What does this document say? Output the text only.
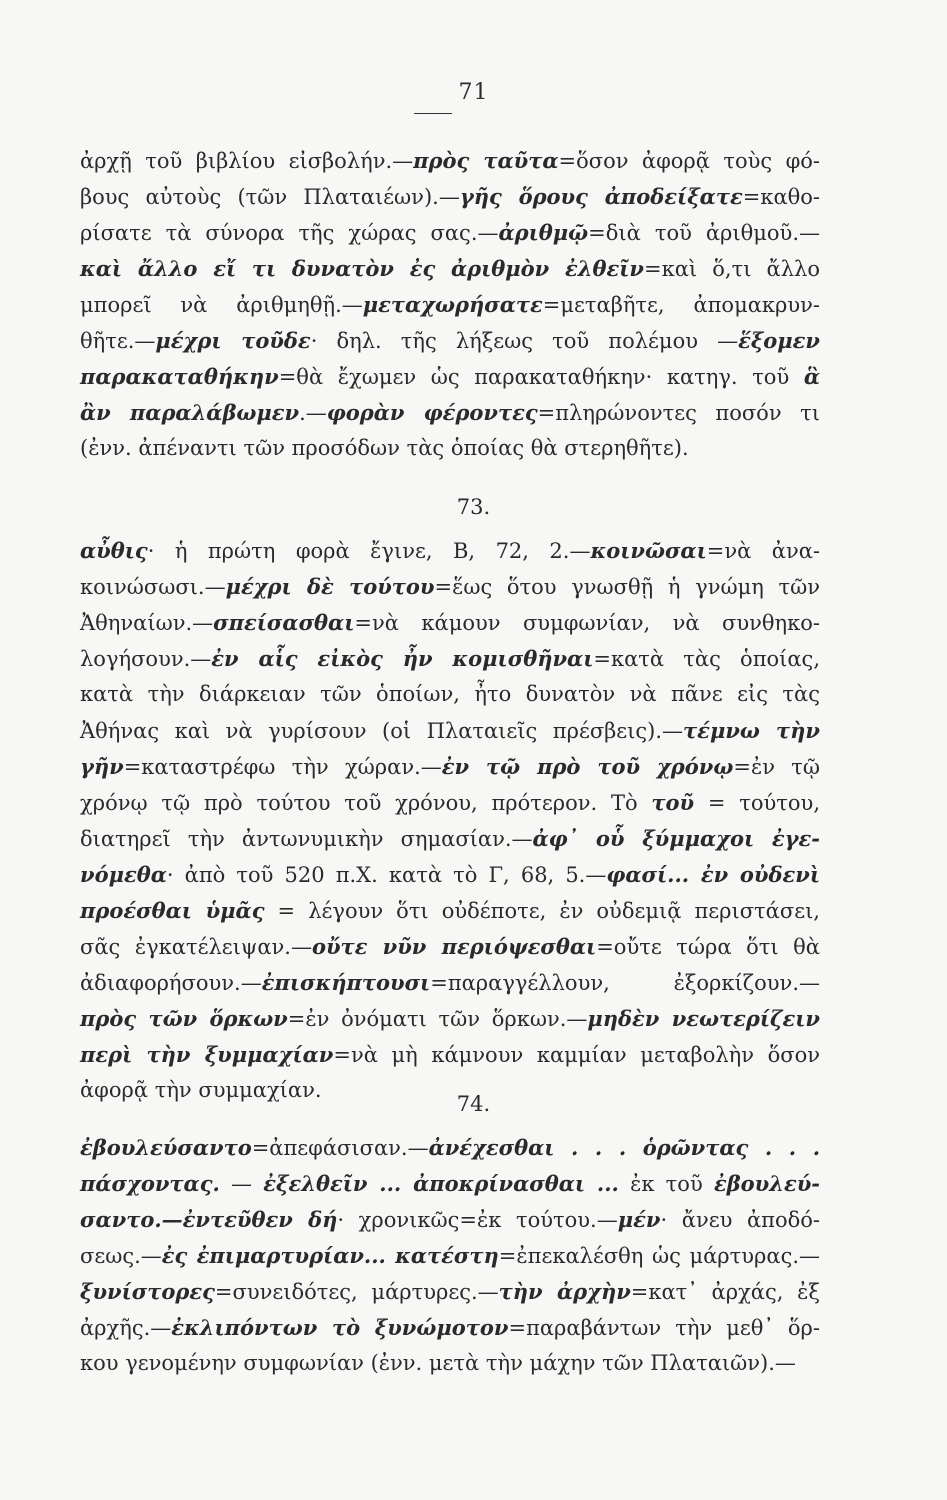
71
ἀρχῇ τοῦ βιβλίου εἰσβολήν.—πρὸς ταῦτα=ὅσον ἀφορᾷ τοὺς φό-
βους αὐτοὺς (τῶν Πλαταιέων).—γῆς ὅρους ἀποδείξατε=καθο-
ρίσατε τὰ σύνορα τῆς χώρας σας.—ἀριθμῷ=διὰ τοῦ ἀριθμοῦ.—
καὶ ἄλλο εἴ τι δυνατὸν ἐς ἀριθμὸν ἐλθεῖν=καὶ ὅ,τι ἄλλο
μπορεῖ νὰ ἀριθμηθῇ.—μεταχωρήσατε=μεταβῆτε, ἀπομακρυν-
θῆτε.—μέχρι τοῦδε· δηλ. τῆς λήξεως τοῦ πολέμου —ἕξομεν
παρακαταθήκην=θὰ ἔχωμεν ὡς παρακαταθήκην· κατηγ. τοῦ ἃ
ἂν παραλάβωμεν.—φορὰν φέροντες=πληρώνοντες ποσόν τι
(ἐνν. ἀπέναντι τῶν προσόδων τὰς ὁποίας θὰ στερηθῆτε).
73.
αὖθις· ἡ πρώτη φορὰ ἔγινε, Β, 72, 2.—κοινῶσαι=νὰ ἀνα-
κοινώσωσι.—μέχρι δὲ τούτου=ἕως ὅτου γνωσθῇ ἡ γνώμη τῶν
Ἀθηναίων.—σπείσασθαι=νὰ κάμουν συμφωνίαν, νὰ συνθηκο-
λογήσουν.—ἐν αἷς εἰκὸς ἦν κομισθῆναι=κατὰ τὰς ὁποίας,
κατὰ τὴν διάρκειαν τῶν ὁποίων, ἦτο δυνατὸν νὰ πᾶνε εἰς τὰς
Ἀθήνας καὶ νὰ γυρίσουν (οἱ Πλαταιεῖς πρέσβεις).—τέμνω τὴν
γῆν=καταστρέφω τὴν χώραν.—ἐν τῷ πρὸ τοῦ χρόνῳ=ἐν τῷ
χρόνῳ τῷ πρὸ τούτου τοῦ χρόνου, πρότερον. Τὸ τοῦ = τούτου,
διατηρεῖ τὴν ἀντωνυμικὴν σημασίαν.—ἀφ᾽ οὗ ξύμμαχοι ἐγε-
νόμεθα· ἀπὸ τοῦ 520 π.Χ. κατὰ τὸ Γ, 68, 5.—φασί... ἐν οὐδενὶ
προέσθαι ὑμᾶς = λέγουν ὅτι οὐδέποτε, ἐν οὐδεμιᾷ περιστάσει,
σᾶς ἐγκατέλειψαν.—οὔτε νῦν περιόψεσθαι=οὔτε τώρα ὅτι θὰ
ἀδιαφορήσουν.—ἐπισκήπτουσι=παραγγέλλουν, ἐξορκίζουν.—
πρὸς τῶν ὅρκων=ἐν ὀνόματι τῶν ὅρκων.—μηδὲν νεωτερίζειν
περὶ τὴν ξυμμαχίαν=νὰ μὴ κάμνουν καμμίαν μεταβολὴν ὅσον
ἀφορᾷ τὴν συμμαχίαν.
74.
ἐβουλεύσαντο=ἀπεφάσισαν.—ἀνέχεσθαι . . . ὁρῶντας . . .
πάσχοντας. — ἐξελθεῖν ... ἀποκρίνασθαι ... ἐκ τοῦ ἐβουλεύ-
σαντο.—ἐντεῦθεν δή· χρονικῶς=ἐκ τούτου.—μέν· ἄνευ ἀποδό-
σεως.—ἐς ἐπιμαρτυρίαν... κατέστη=ἐπεκαλέσθη ὡς μάρτυρας.—
ξυνίστορες=συνειδότες, μάρτυρες.—τὴν ἀρχὴν=κατ᾽ ἀρχάς, ἐξ
ἀρχῆς.—ἐκλιπόντων τὸ ξυνώμοτον=παραβάντων τὴν μεθ᾽ ὅρ-
κου γενομένην συμφωνίαν (ἐνν. μετὰ τὴν μάχην τῶν Πλαταιῶν).—
